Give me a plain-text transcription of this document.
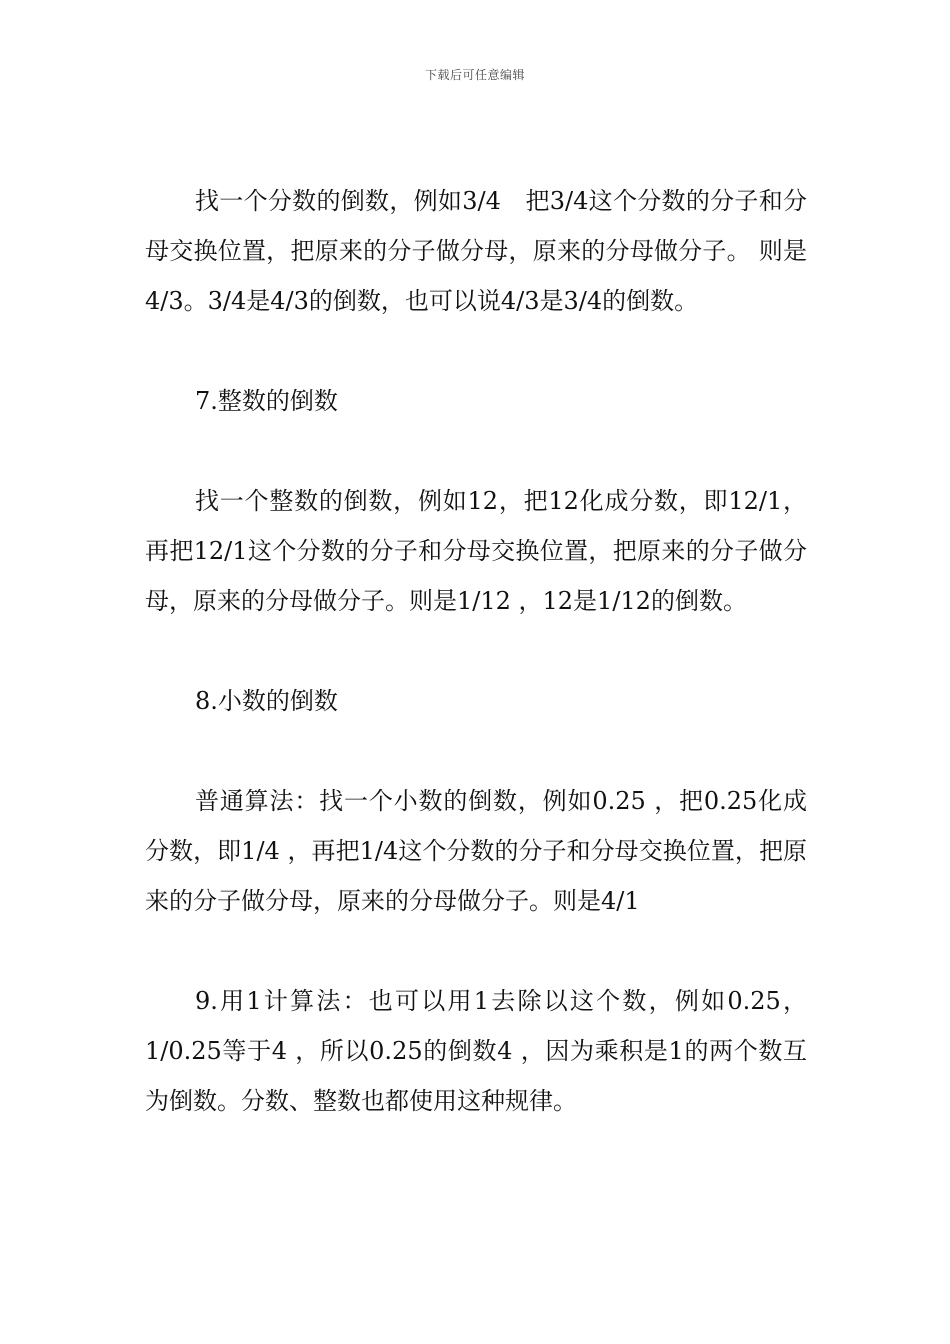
下载后可任意编辑

找一个分数的倒数，例如3/4　把3/4这个分数的分子和分母交换位置，把原来的分子做分母，原来的分母做分子。 则是4/3。3/4是4/3的倒数，也可以说4/3是3/4的倒数。

7.整数的倒数

找一个整数的倒数，例如12，把12化成分数，即12/1，再把12/1这个分数的分子和分母交换位置，把原来的分子做分母，原来的分母做分子。则是1/12 ，12是1/12的倒数。

8.小数的倒数

普通算法：找一个小数的倒数，例如0.25 ，把0.25化成分数，即1/4 ，再把1/4这个分数的分子和分母交换位置，把原来的分子做分母，原来的分母做分子。则是4/1

9.用1计算法：也可以用1去除以这个数，例如0.25，1/0.25等于4 ，所以0.25的倒数4 ，因为乘积是1的两个数互为倒数。分数、整数也都使用这种规律。
